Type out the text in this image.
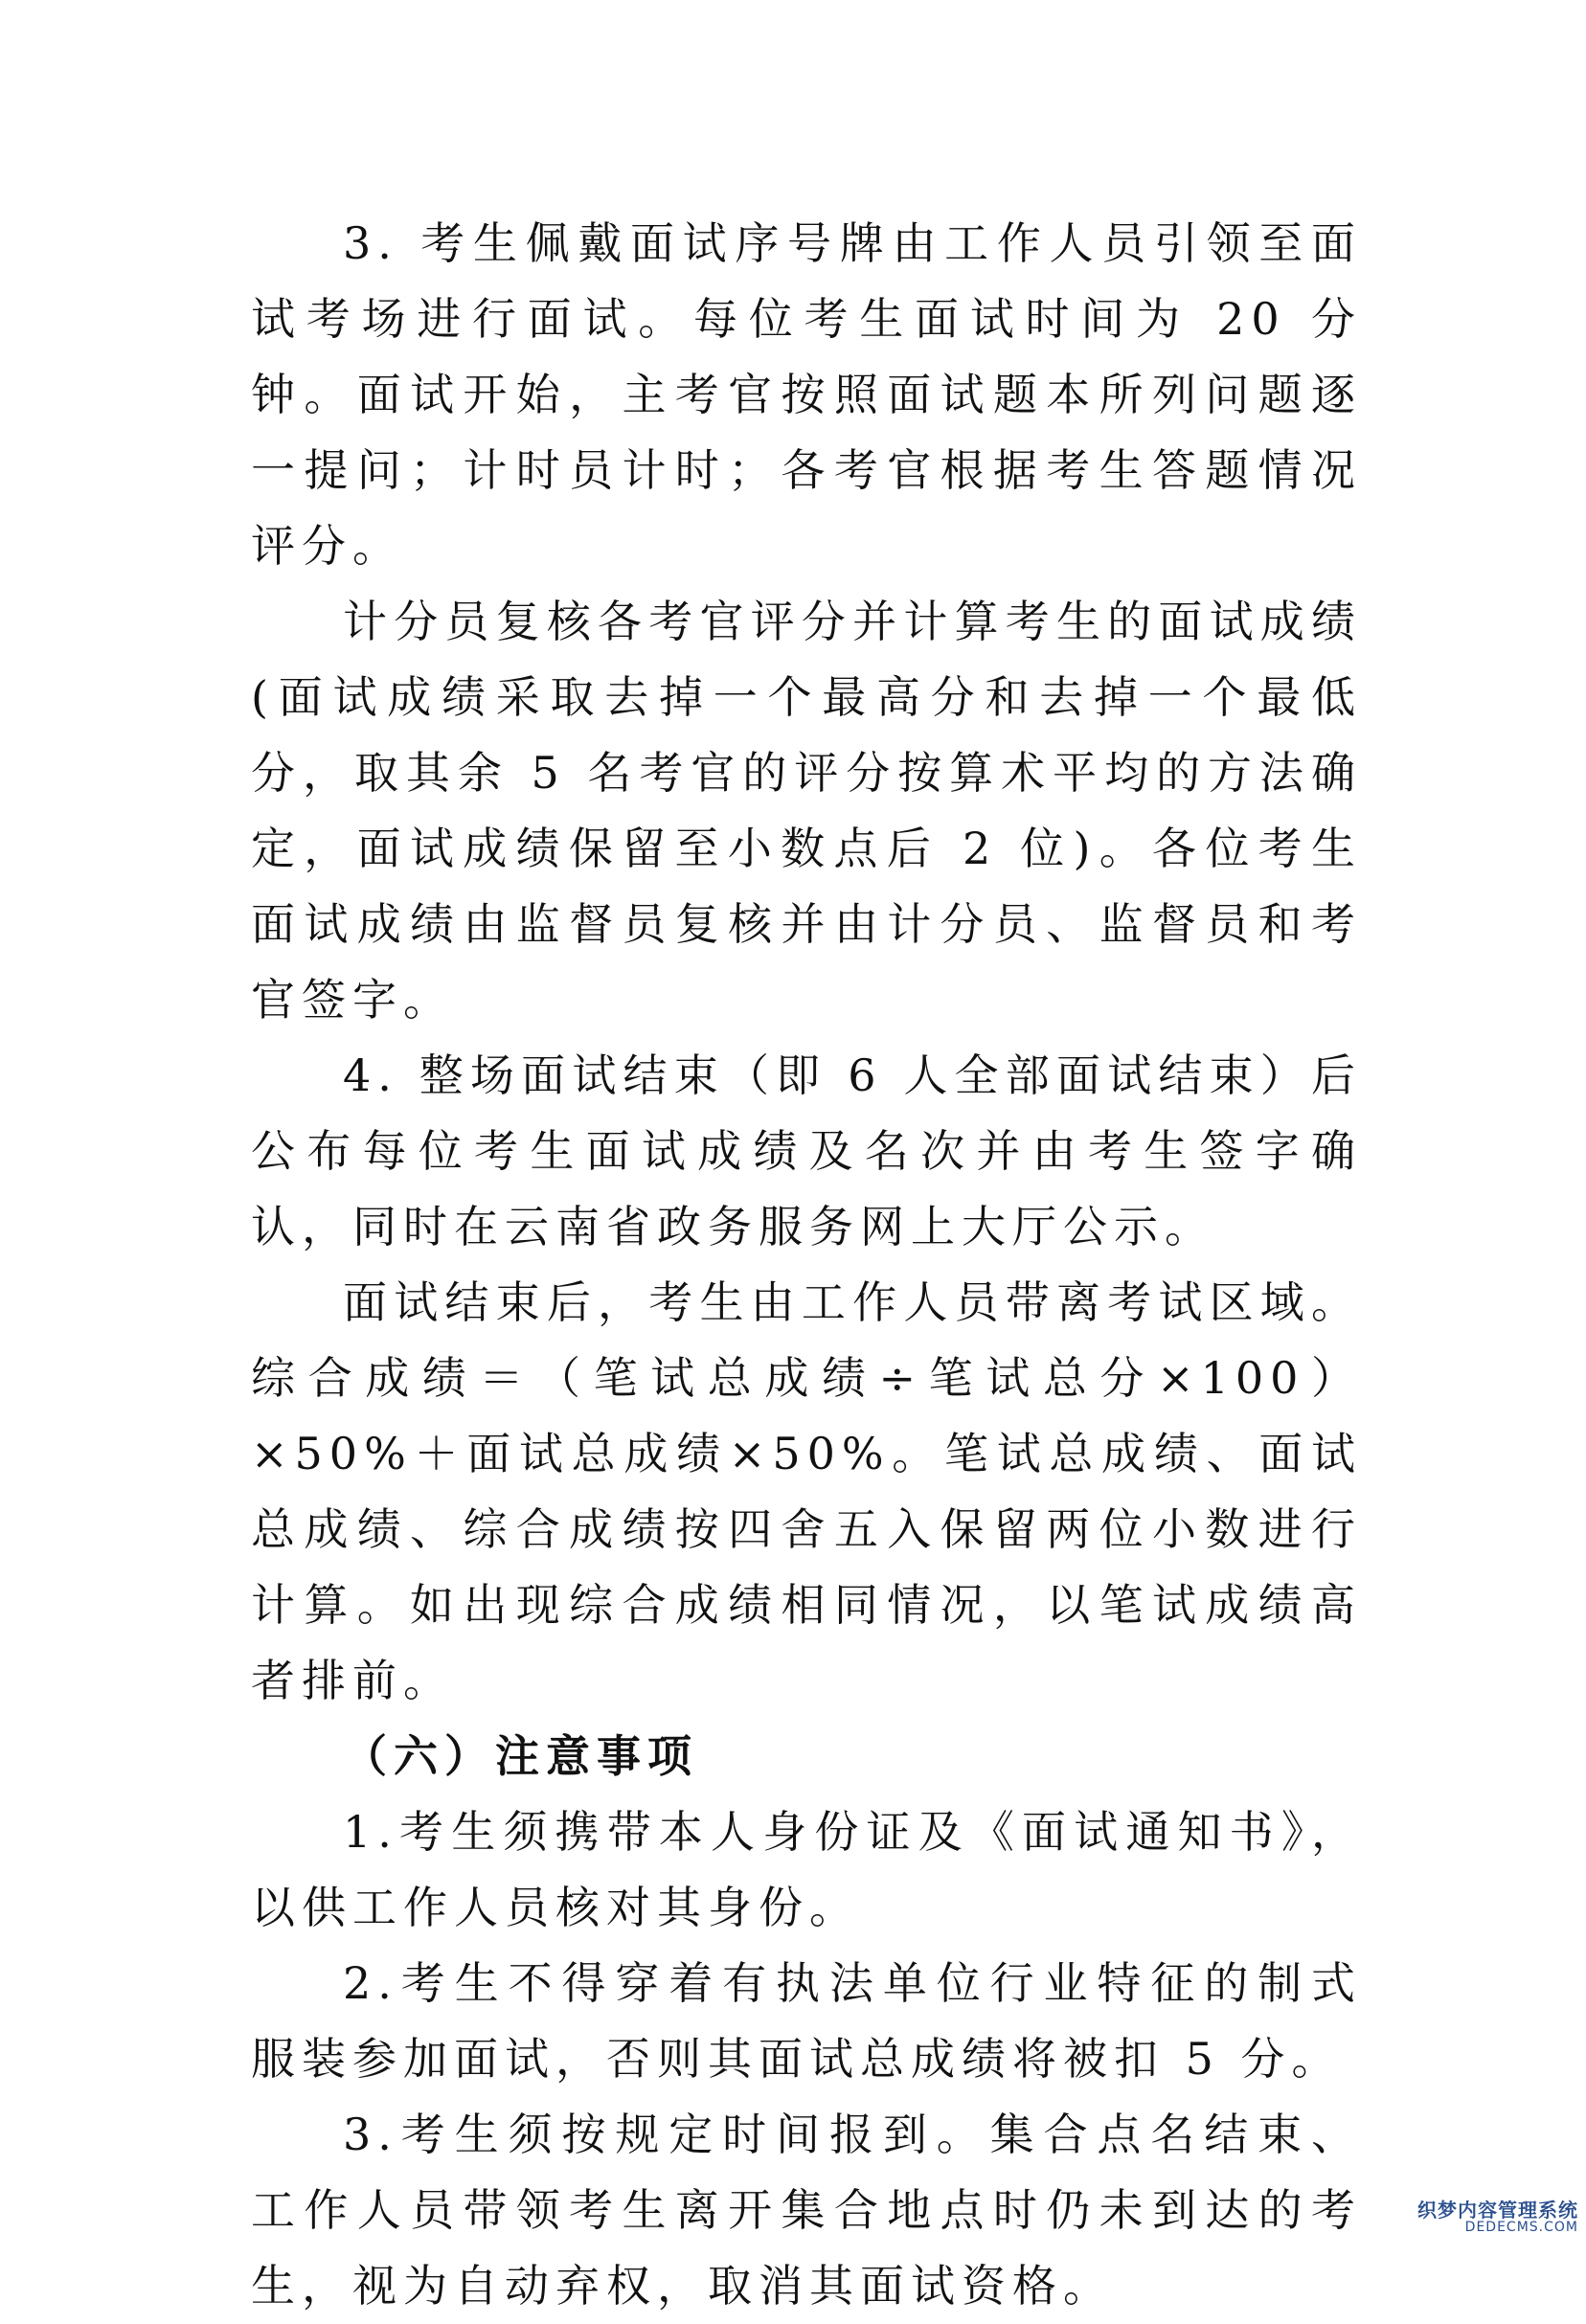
3. 考生佩戴面试序号牌由工作人员引领至面试考场进行面试。每位考生面试时间为 20 分钟。面试开始，主考官按照面试题本所列问题逐一提问；计时员计时；各考官根据考生答题情况评分。

计分员复核各考官评分并计算考生的面试成绩(面试成绩采取去掉一个最高分和去掉一个最低分，取其余 5 名考官的评分按算术平均的方法确定，面试成绩保留至小数点后 2 位)。各位考生面试成绩由监督员复核并由计分员、监督员和考官签字。

4. 整场面试结束（即 6 人全部面试结束）后公布每位考生面试成绩及名次并由考生签字确认，同时在云南省政务服务网上大厅公示。

面试结束后，考生由工作人员带离考试区域。综合成绩＝（笔试总成绩÷笔试总分×100）×50%＋面试总成绩×50%。笔试总成绩、面试总成绩、综合成绩按四舍五入保留两位小数进行计算。如出现综合成绩相同情况，以笔试成绩高者排前。

（六）注意事项

1.考生须携带本人身份证及《面试通知书》，以供工作人员核对其身份。

2.考生不得穿着有执法单位行业特征的制式服装参加面试，否则其面试总成绩将被扣 5 分。

3.考生须按规定时间报到。集合点名结束、工作人员带领考生离开集合地点时仍未到达的考生，视为自动弃权，取消其面试资格。

织梦内容管理系统
DEDECMS.COM
